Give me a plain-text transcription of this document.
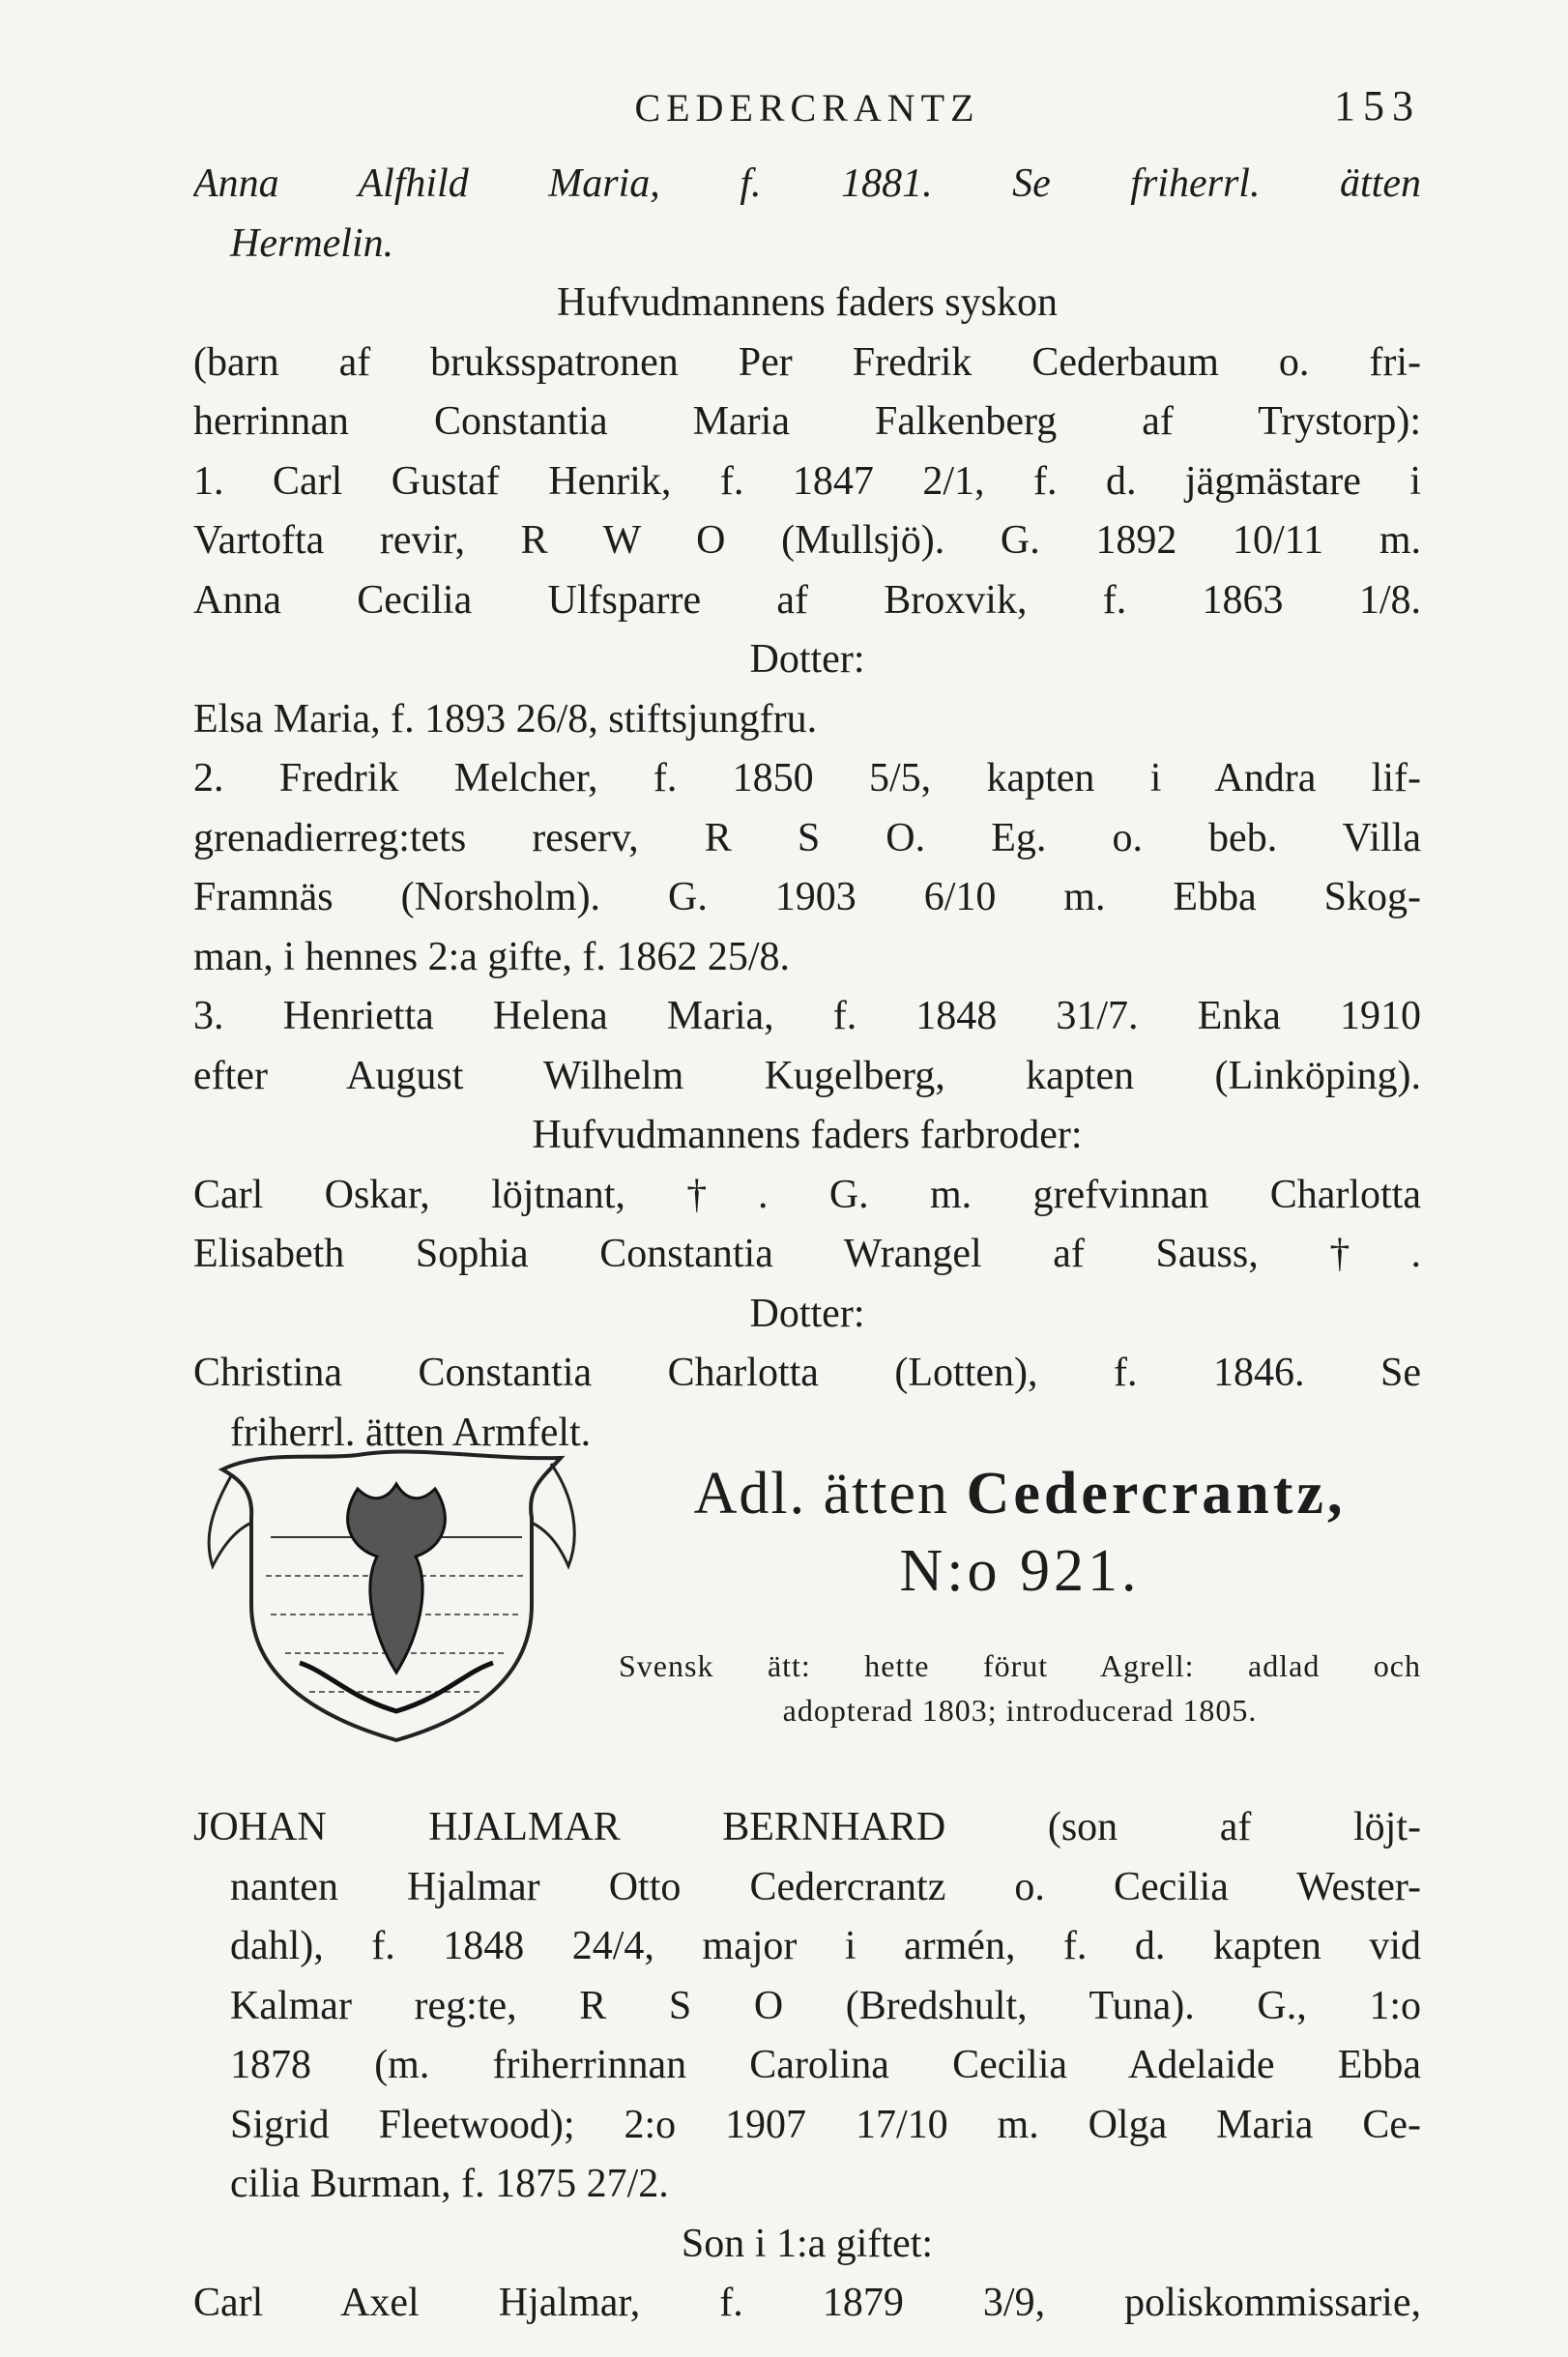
CEDERCRANTZ	153
Anna Alfhild Maria, f. 1881. Se friherrl. ätten
Hermelin.
Hufvudmannens faders syskon
(barn af bruksspatronen Per Fredrik Cederbaum o. fri-
herrinnan Constantia Maria Falkenberg af Trystorp):
1. Carl Gustaf Henrik, f. 1847 2/1, f. d. jägmästare i
Vartofta revir, R W O (Mullsjö). G. 1892 10/11 m.
Anna Cecilia Ulfsparre af Broxvik, f. 1863 1/8.
Dotter:
Elsa Maria, f. 1893 26/8, stiftsjungfru.
2. Fredrik Melcher, f. 1850 5/5, kapten i Andra lif-
grenadierreg:tets reserv, R S O. Eg. o. beb. Villa
Framnäs (Norsholm). G. 1903 6/10 m. Ebba Skog-
man, i hennes 2:a gifte, f. 1862 25/8.
3. Henrietta Helena Maria, f. 1848 31/7. Enka 1910
efter August Wilhelm Kugelberg, kapten (Linköping).
Hufvudmannens faders farbroder:
Carl Oskar, löjtnant, †. G. m. grefvinnan Charlotta
Elisabeth Sophia Constantia Wrangel af Sauss, †.
Dotter:
Christina Constantia Charlotta (Lotten), f. 1846. Se
friherrl. ätten Armfelt.
Adl. ätten Cedercrantz,
N:o 921.
Svensk ätt: hette förut Agrell: adlad och
adopterad 1803; introducerad 1805.
JOHAN HJALMAR BERNHARD (son af löjt-
nanten Hjalmar Otto Cedercrantz o. Cecilia Wester-
dahl), f. 1848 24/4, major i armén, f. d. kapten vid
Kalmar reg:te, R S O (Bredshult, Tuna). G., 1:o
1878 (m. friherrinnan Carolina Cecilia Adelaide Ebba
Sigrid Fleetwood); 2:o 1907 17/10 m. Olga Maria Ce-
cilia Burman, f. 1875 27/2.
Son i 1:a giftet:
Carl Axel Hjalmar, f. 1879 3/9, poliskommissarie,
